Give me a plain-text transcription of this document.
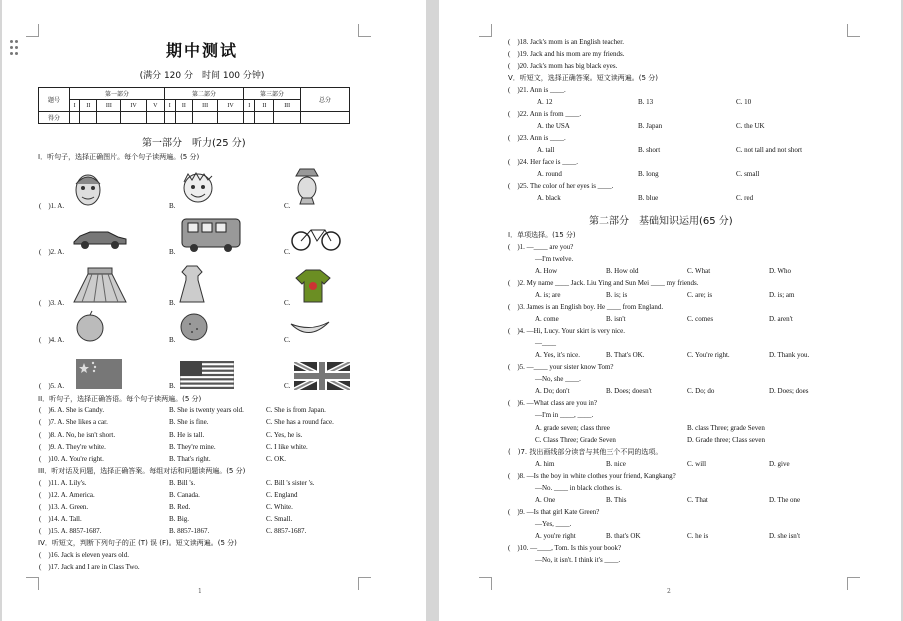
期中测试
(满分 120 分　时间 100 分钟)
题号	第一部分					第二部分				第三部分			总分
	I	II	III	IV	V	I	II	III	IV	I	II	III	
得分													
第一部分　听力(25 分)
I．听句子，选择正确图片。每个句子读两遍。(5 分)
(　)1. A.	B.	C.
(　)2. A.	B.	C.
(　)3. A.	B.	C.
(　)4. A.	B.	C.
(　)5. A.	B.	C.
II．听句子，选择正确答语。每个句子读两遍。(5 分)
(　)6. A. She is Candy.	B. She is twenty years old.	C. She is from Japan.
(　)7. A. She likes a car.	B. She is fine.	C. She has a round face.
(　)8. A. No, he isn't short.	B. He is tall.	C. Yes, he is.
(　)9. A. They're white.	B. They're mine.	C. I like white.
(　)10. A. You're right.	B. That's right.	C. OK.
III．听对话及问题，选择正确答案。每组对话和问题读两遍。(5 分)
(　)11. A. Lily's.	B. Bill 's.	C. Bill 's sister 's.
(　)12. A. America.	B. Canada.	C. England
(　)13. A. Green.	B. Red.	C. White.
(　)14. A. Tall.	B. Big.	C. Small.
(　)15. A. 8857-1687.	B. 8857-1867.	C. 8857-1687.
IV．听短文，判断下列句子的正 (T) 误 (F)。短文读两遍。(5 分)
(　)16. Jack is eleven years old.
(　)17. Jack and I are in Class Two.
1
(　)18. Jack's mom is an English teacher.
(　)19. Jack and his mom are my friends.
(　)20. Jack's mom has big black eyes.
V．听短文，选择正确答案。短文读两遍。(5 分)
(　)21. Ann is ____.
A. 12	B. 13	C. 10
(　)22. Ann is from ____.
A. the USA	B. Japan	C. the UK
(　)23. Ann is ____.
A. tall	B. short	C. not tall and not short
(　)24. Her face is ____.
A. round	B. long	C. small
(　)25. The color of her eyes is ____.
A. black	B. blue	C. red
第二部分　基础知识运用(65 分)
I．单项选择。(15 分)
(　)1. —____ are you?
—I'm twelve.
A. How	B. How old	C. What	D. Who
(　)2. My name ____ Jack. Liu Ying and Sun Mei ____ my friends.
A. is; are	B. is; is	C. are; is	D. is; am
(　)3. James is an English boy. He ____ from England.
A. come	B. isn't	C. comes	D. aren't
(　)4. —Hi, Lucy. Your skirt is very nice.
—____
A. Yes, it's nice.	B. That's OK.	C. You're right.	D. Thank you.
(　)5. —____ your sister know Tom?
—No, she ____.
A. Do; don't	B. Does; doesn't	C. Do; do	D. Does; does
(　)6. —What class are you in?
—I'm in ____, ____.
A. grade seven; class three	B. class Three; grade Seven
C. Class Three; Grade Seven	D. Grade three; Class seven
(　)7. 找出画线部分读音与其他三个不同的选项。
A. him	B. nice	C. will	D. give
(　)8. —Is the boy in white clothes your friend, Kangkang?
—No. ____ in black clothes is.
A. One	B. This	C. That	D. The one
(　)9. —Is that girl Kate Green?
—Yes, ____.
A. you're right	B. that's OK	C. he is	D. she isn't
(　)10. —____, Tom. Is this your book?
—No, it isn't. I think it's ____.
2
